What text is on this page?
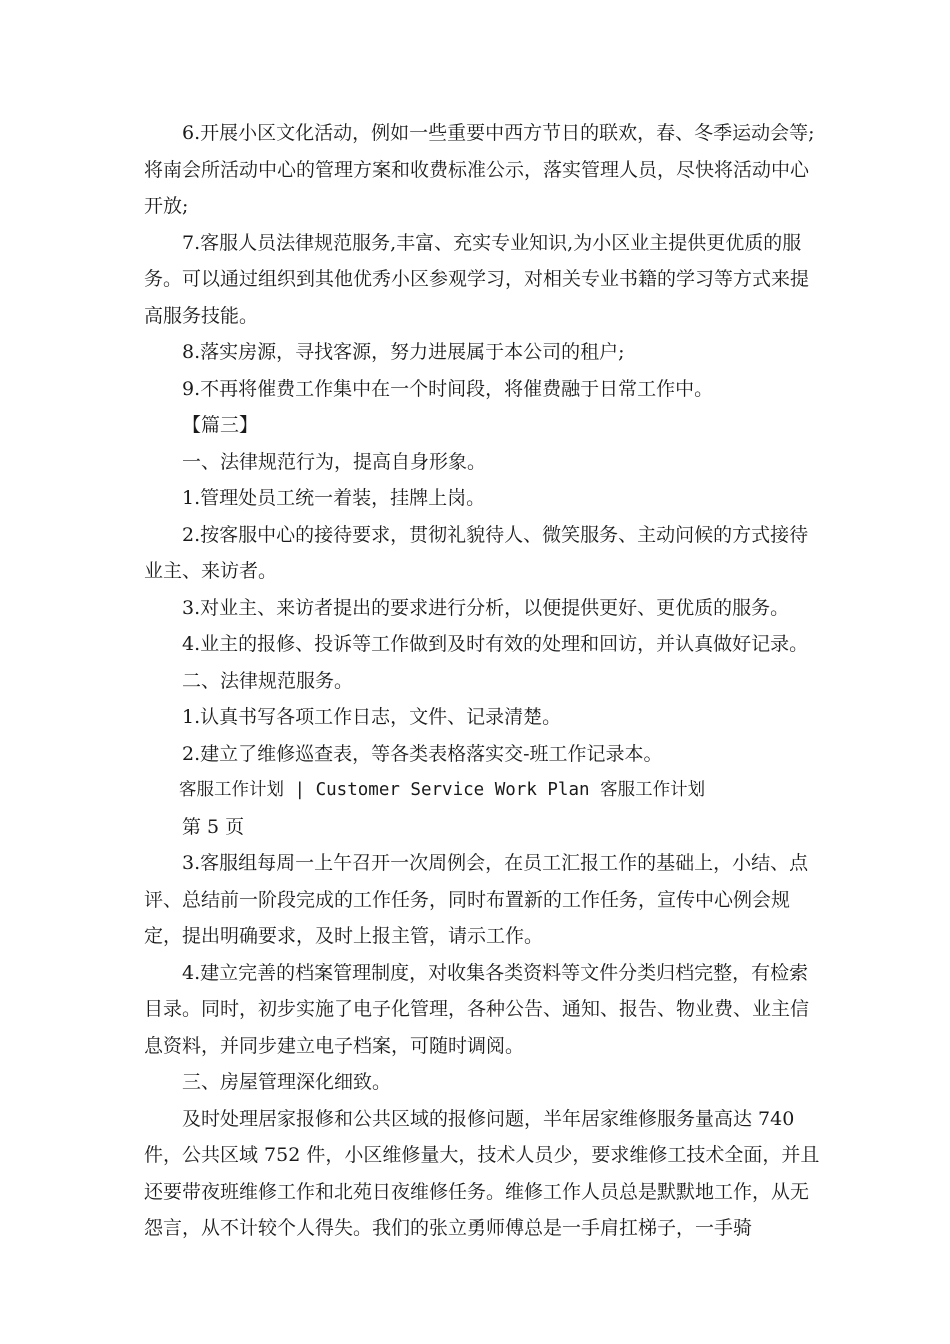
6.开展小区文化活动，例如一些重要中西方节日的联欢，春、冬季运动会等;将南会所活动中心的管理方案和收费标准公示，落实管理人员，尽快将活动中心开放;

7.客服人员法律规范服务,丰富、充实专业知识,为小区业主提供更优质的服务。可以通过组织到其他优秀小区参观学习，对相关专业书籍的学习等方式来提高服务技能。

8.落实房源，寻找客源，努力进展属于本公司的租户;

9.不再将催费工作集中在一个时间段，将催费融于日常工作中。

【篇三】

一、法律规范行为，提高自身形象。

1.管理处员工统一着装，挂牌上岗。

2.按客服中心的接待要求，贯彻礼貌待人、微笑服务、主动问候的方式接待业主、来访者。

3.对业主、来访者提出的要求进行分析，以便提供更好、更优质的服务。

4.业主的报修、投诉等工作做到及时有效的处理和回访，并认真做好记录。

二、法律规范服务。

1.认真书写各项工作日志，文件、记录清楚。

2.建立了维修巡查表，等各类表格落实交-班工作记录本。

客服工作计划 | Customer Service Work Plan 客服工作计划

第 5 页

3.客服组每周一上午召开一次周例会，在员工汇报工作的基础上，小结、点评、总结前一阶段完成的工作任务，同时布置新的工作任务，宣传中心例会规定，提出明确要求，及时上报主管，请示工作。

4.建立完善的档案管理制度，对收集各类资料等文件分类归档完整，有检索目录。同时，初步实施了电子化管理，各种公告、通知、报告、物业费、业主信息资料，并同步建立电子档案，可随时调阅。

三、房屋管理深化细致。

及时处理居家报修和公共区域的报修问题，半年居家维修服务量高达 740 件，公共区域 752 件，小区维修量大，技术人员少，要求维修工技术全面，并且还要带夜班维修工作和北苑日夜维修任务。维修工作人员总是默默地工作，从无怨言，从不计较个人得失。我们的张立勇师傅总是一手肩扛梯子，一手骑
